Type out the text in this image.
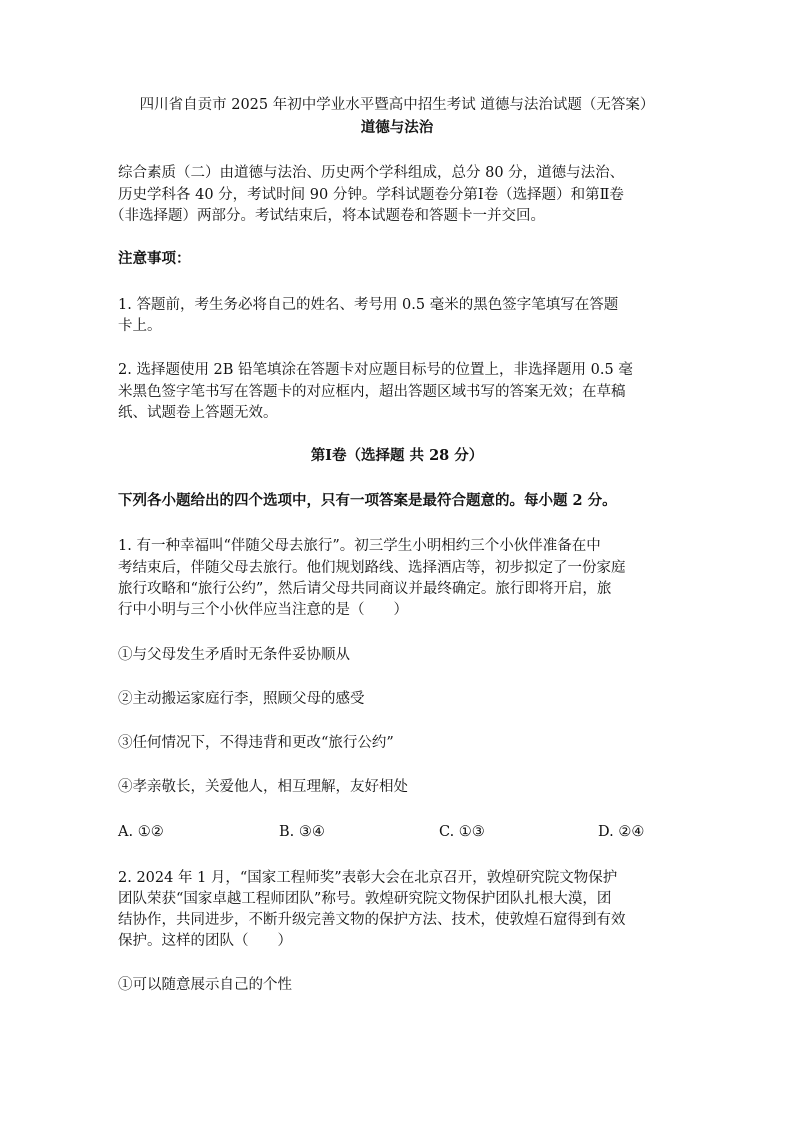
四川省自贡市 2025 年初中学业水平暨高中招生考试 道德与法治试题（无答案）
道德与法治
综合素质（二）由道德与法治、历史两个学科组成，总分 80 分，道德与法治、
历史学科各 40 分，考试时间 90 分钟。学科试题卷分第Ⅰ卷（选择题）和第Ⅱ卷
（非选择题）两部分。考试结束后，将本试题卷和答题卡一并交回。
注意事项：
1. 答题前，考生务必将自己的姓名、考号用 0.5 毫米的黑色签字笔填写在答题
卡上。
2. 选择题使用 2B 铅笔填涂在答题卡对应题目标号的位置上，非选择题用 0.5 毫
米黑色签字笔书写在答题卡的对应框内，超出答题区域书写的答案无效；在草稿
纸、试题卷上答题无效。
第Ⅰ卷（选择题 共 28 分）
下列各小题给出的四个选项中，只有一项答案是最符合题意的。每小题 2 分。
1. 有一种幸福叫“伴随父母去旅行”。初三学生小明相约三个小伙伴准备在中
考结束后，伴随父母去旅行。他们规划路线、选择酒店等，初步拟定了一份家庭
旅行攻略和“旅行公约”，然后请父母共同商议并最终确定。旅行即将开启，旅
行中小明与三个小伙伴应当注意的是（　　）
①与父母发生矛盾时无条件妥协顺从
②主动搬运家庭行李，照顾父母的感受
③任何情况下，不得违背和更改“旅行公约”
④孝亲敬长，关爱他人，相互理解，友好相处
A. ①②	B. ③④	C. ①③	D. ②④
2. 2024 年 1 月，“国家工程师奖”表彰大会在北京召开，敦煌研究院文物保护
团队荣获“国家卓越工程师团队”称号。敦煌研究院文物保护团队扎根大漠，团
结协作，共同进步，不断升级完善文物的保护方法、技术，使敦煌石窟得到有效
保护。这样的团队（　　）
①可以随意展示自己的个性
